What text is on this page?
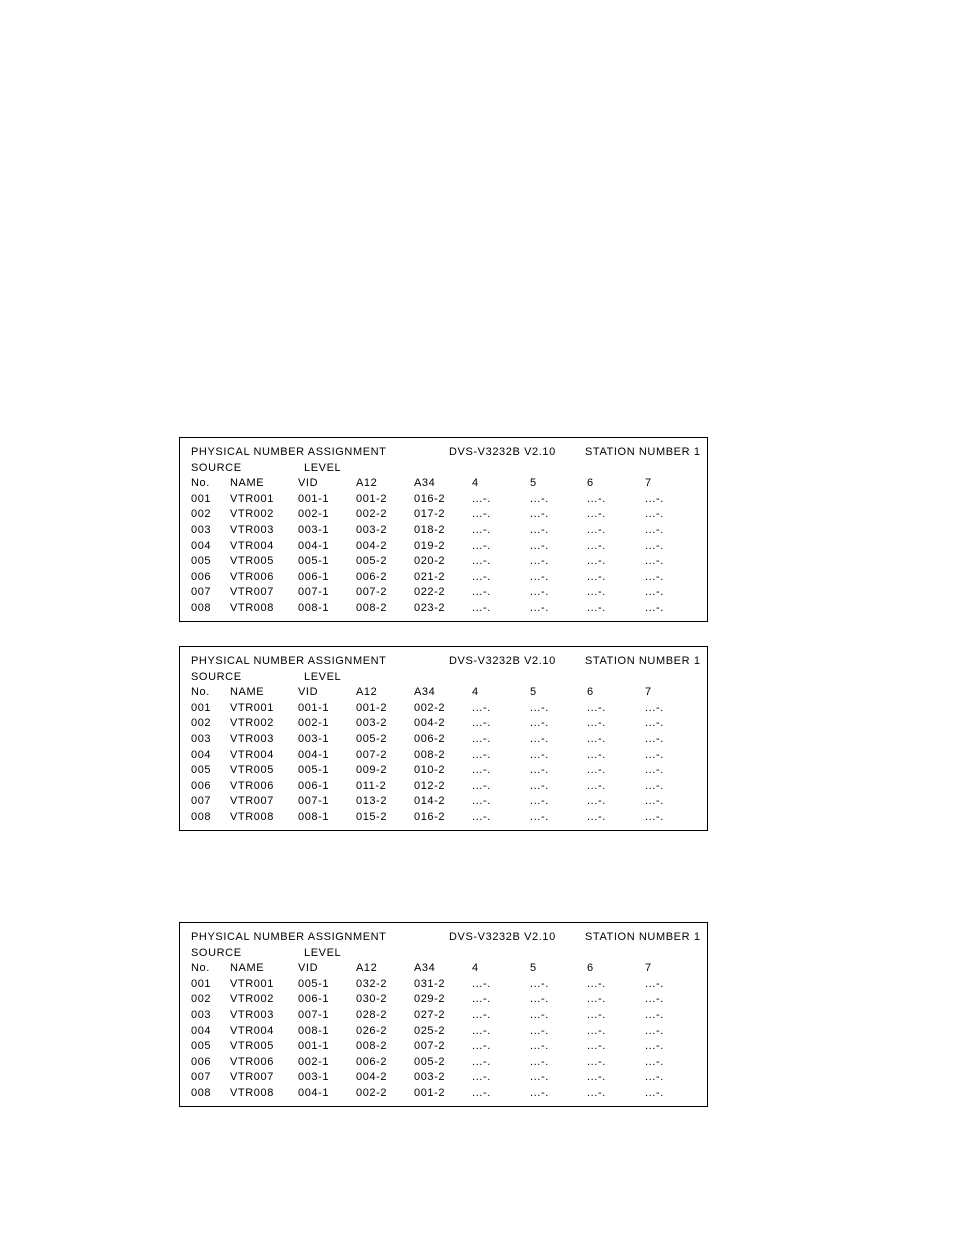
PHYSICAL NUMBER ASSIGNMENT	DVS-V3232B V2.10	STATION NUMBER 1
SOURCE	LEVEL
No. NAME	VID	A12	A34	4	5	6	7
001 VTR001 001-1 001-2 016-2 ...-.	...-.	...-.	...-.
002 VTR002 002-1 002-2 017-2 ...-.	...-.	...-.	...-.
003 VTR003 003-1 003-2 018-2 ...-.	...-.	...-.	...-.
004 VTR004 004-1 004-2 019-2 ...-.	...-.	...-.	...-.
005 VTR005 005-1 005-2 020-2 ...-.	...-.	...-.	...-.
006 VTR006 006-1 006-2 021-2 ...-.	...-.	...-.	...-.
007 VTR007 007-1 007-2 022-2 ...-.	...-.	...-.	...-.
008 VTR008 008-1 008-2 023-2 ...-.	...-.	...-.	...-.
PHYSICAL NUMBER ASSIGNMENT	DVS-V3232B V2.10	STATION NUMBER 1
SOURCE	LEVEL
No. NAME	VID	A12	A34	4	5	6	7
001 VTR001 001-1 001-2 002-2 ...-.	...-.	...-.	...-.
002 VTR002 002-1 003-2 004-2 ...-.	...-.	...-.	...-.
003 VTR003 003-1 005-2 006-2 ...-.	...-.	...-.	...-.
004 VTR004 004-1 007-2 008-2 ...-.	...-.	...-.	...-.
005 VTR005 005-1 009-2 010-2 ...-.	...-.	...-.	...-.
006 VTR006 006-1 011-2	012-2 ...-.	...-.	...-.	...-.
007 VTR007 007-1 013-2 014-2 ...-.	...-.	...-.	...-.
008 VTR008 008-1 015-2 016-2 ...-.	...-.	...-.	...-.
PHYSICAL NUMBER ASSIGNMENT	DVS-V3232B V2.10	STATION NUMBER 1
SOURCE	LEVEL
No. NAME	VID	A12	A34	4	5	6	7
001 VTR001 005-1 032-2 031-2 ...-.	...-.	...-.	...-.
002 VTR002 006-1 030-2 029-2 ...-.	...-.	...-.	...-.
003 VTR003 007-1 028-2 027-2 ...-.	...-.	...-.	...-.
004 VTR004 008-1 026-2 025-2 ...-.	...-.	...-.	...-.
005 VTR005 001-1 008-2 007-2 ...-.	...-.	...-.	...-.
006 VTR006 002-1 006-2 005-2 ...-.	...-.	...-.	...-.
007 VTR007 003-1 004-2 003-2 ...-.	...-.	...-.	...-.
008 VTR008 004-1 002-2 001-2 ...-.	...-.	...-.	...-.
